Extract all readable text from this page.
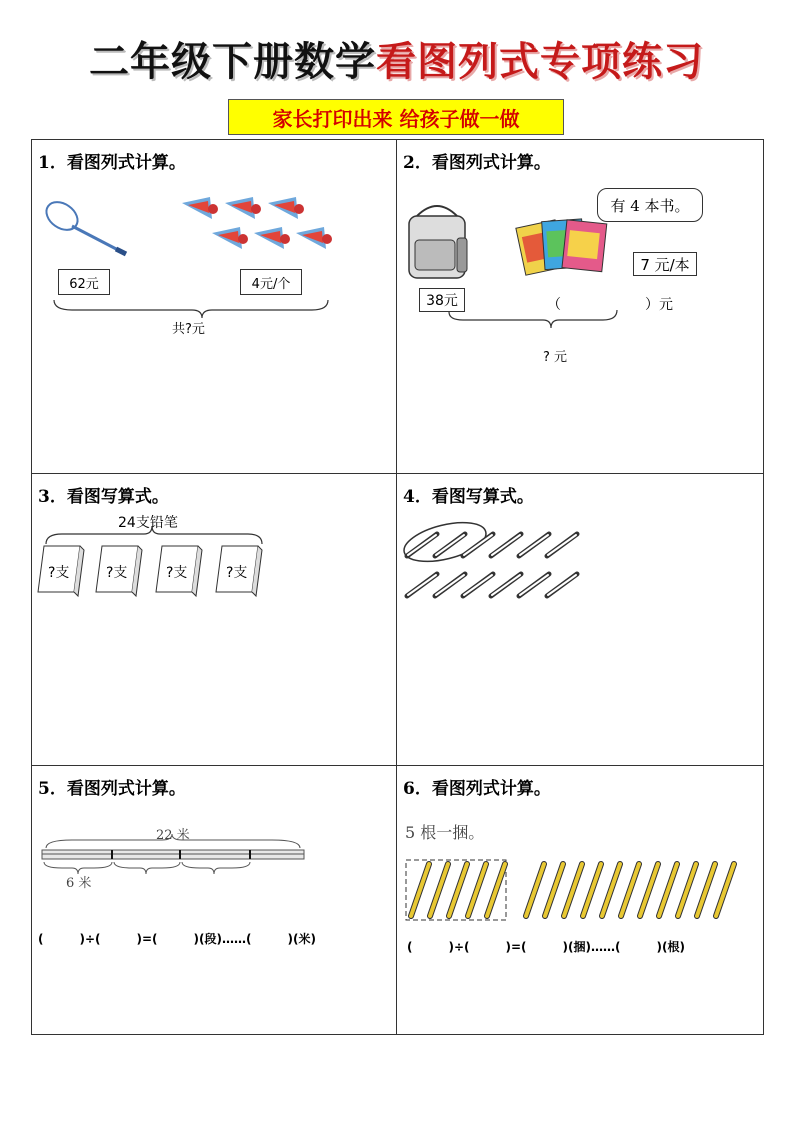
二年级下册数学看图列式专项练习
家长打印出来 给孩子做一做
1．看图列式计算。
62元	4元/个
共?元
2．看图列式计算。
有 4 本书。
7 元/本
38元	（　　　　　　）元
? 元
3．看图写算式。
24支铅笔
?支	?支	?支	?支
4．看图写算式。
5．看图列式计算。
22 米
6 米
(　　　)÷(　　　)=(　　　)(段)……(　　　)(米)
6．看图列式计算。
5 根一捆。
(　　　)÷(　　　)=(　　　)(捆)……(　　　)(根)
